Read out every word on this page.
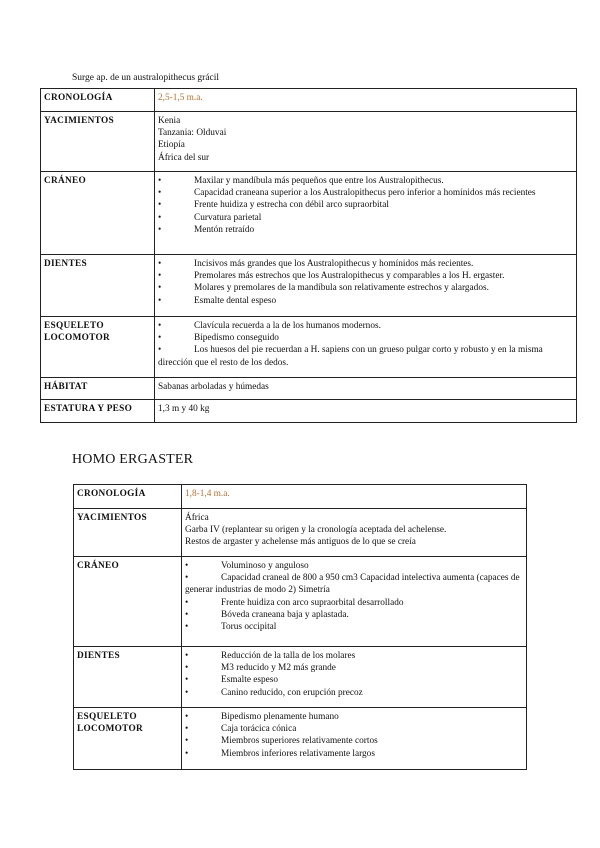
Surge ap. de un australopithecus grácil
CRONOLOGÍA	2,5-1,5 m.a.

YACIMIENTOS	Kenia
Tanzania: Olduvai
Etiopía
África del sur

CRÁNEO	• Maxilar y mandíbula más pequeños que entre los Australopithecus.
• Capacidad craneana superior a los Australopithecus pero inferior a homínidos más recientes
• Frente huidiza y estrecha con débil arco supraorbital
• Curvatura parietal
• Mentón retraído

DIENTES	• Incisivos más grandes que los Australopithecus y homínidos más recientes.
• Premolares más estrechos que los Australopithecus y comparables a los H. ergaster.
• Molares y premolares de la mandíbula son relativamente estrechos y alargados.
• Esmalte dental espeso

ESQUELETO LOCOMOTOR	• Clavícula recuerda a la de los humanos modernos.
• Bipedismo conseguido
• Los huesos del pie recuerdan a H. sapiens con un grueso pulgar corto y robusto y en la misma dirección que el resto de los dedos.

HÁBITAT	Sabanas arboladas y húmedas

ESTATURA Y PESO	1,3 m y 40 kg
HOMO ERGASTER
CRONOLOGÍA	1,8-1,4 m.a.

YACIMIENTOS	África
Garba IV (replantear su origen y la cronología aceptada del achelense.
Restos de argaster y achelense más antiguos de lo que se creía

CRÁNEO	• Voluminoso y anguloso
• Capacidad craneal de 800 a 950 cm3 Capacidad intelectiva aumenta (capaces de generar industrias de modo 2) Simetría
• Frente huidiza con arco supraorbital desarrollado
• Bóveda craneana baja y aplastada.
• Torus occipital

DIENTES	• Reducción de la talla de los molares
• M3 reducido y M2 más grande
• Esmalte espeso
• Canino reducido, con erupción precoz

ESQUELETO LOCOMOTOR	• Bipedismo plenamente humano
• Caja torácica cónica
• Miembros superiores relativamente cortos
• Miembros inferiores relativamente largos
